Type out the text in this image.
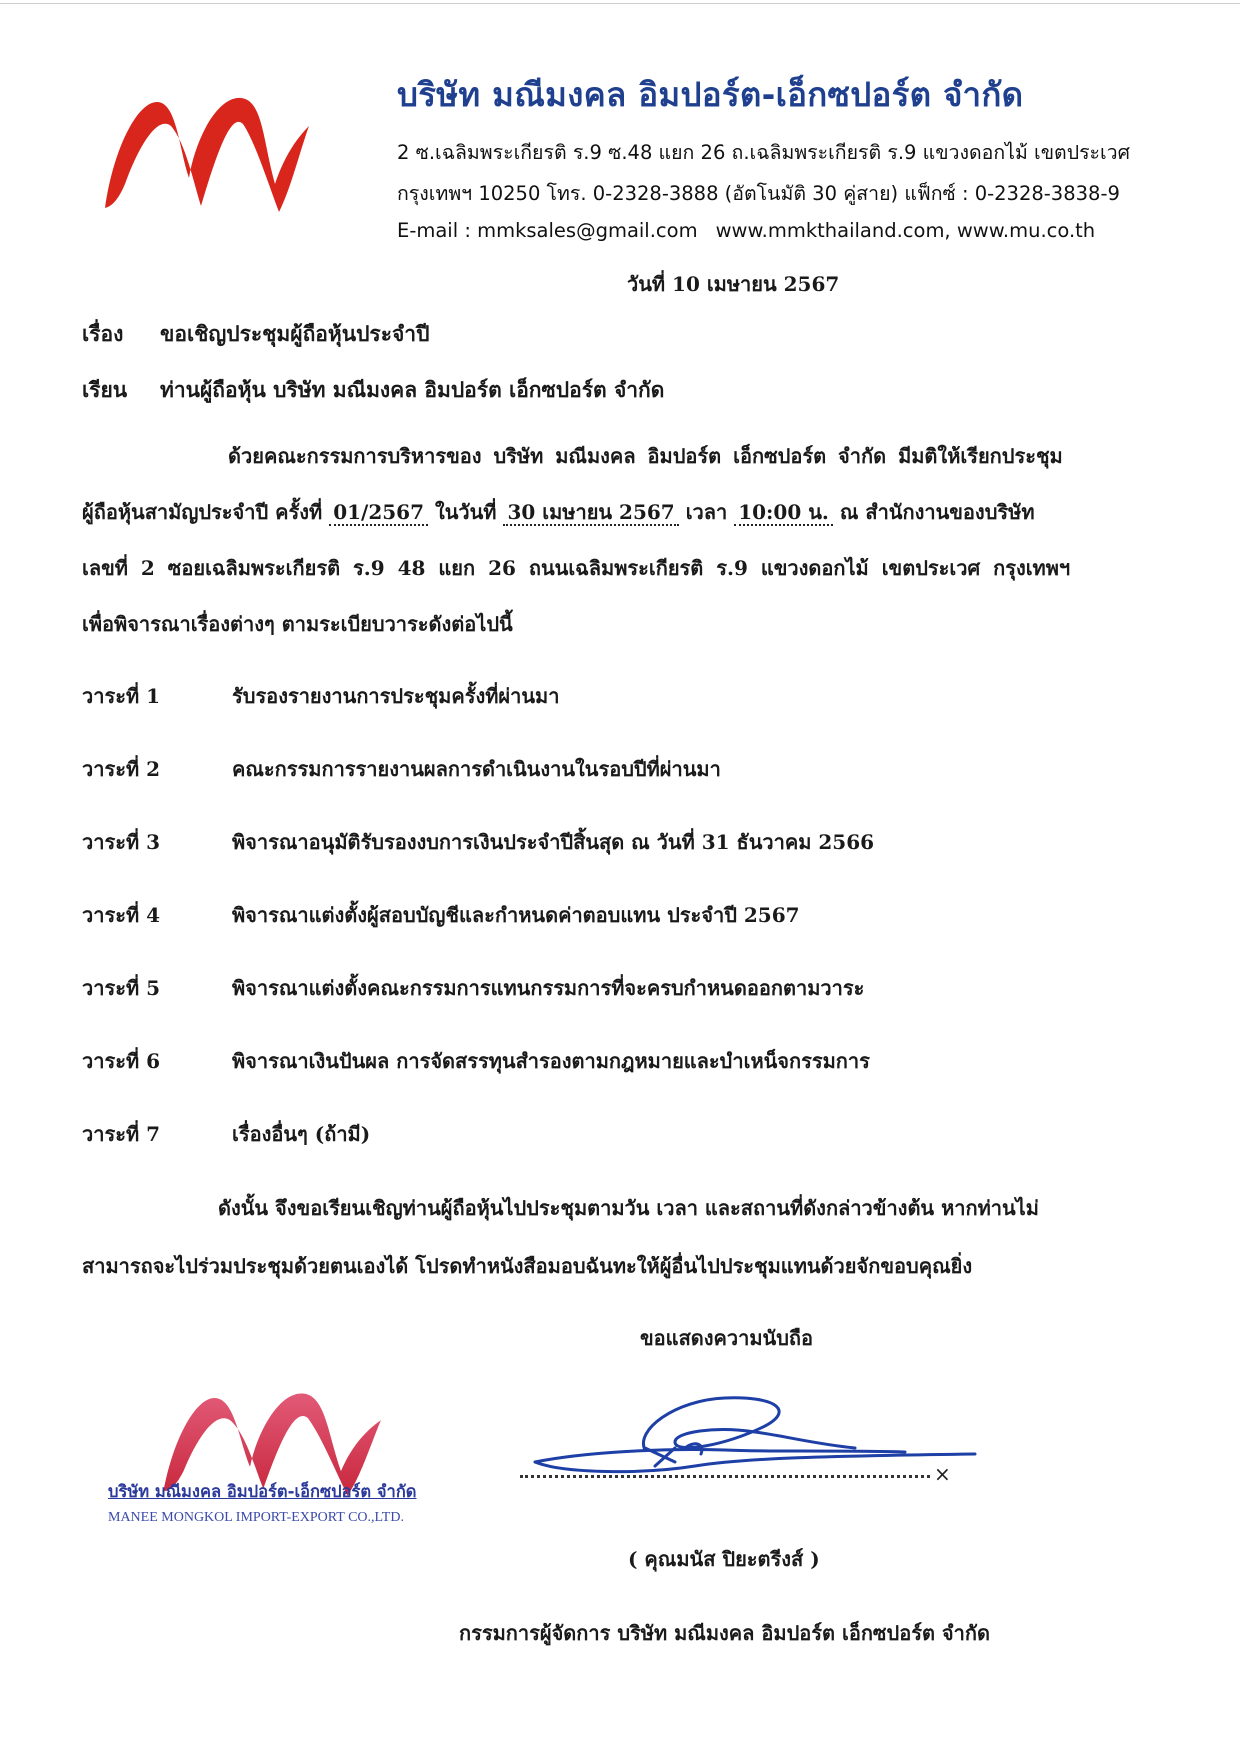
บริษัท มณีมงคล อิมปอร์ต-เอ็กซปอร์ต จำกัด
2 ซ.เฉลิมพระเกียรติ ร.9 ซ.48 แยก 26 ถ.เฉลิมพระเกียรติ ร.9 แขวงดอกไม้ เขตประเวศ
กรุงเทพฯ 10250 โทร. 0-2328-3888 (อัตโนมัติ 30 คู่สาย) แฟ็กซ์ : 0-2328-3838-9
E-mail : mmksales@gmail.com www.mmkthailand.com, www.mu.co.th
วันที่ 10 เมษายน 2567
เรื่อง ขอเชิญประชุมผู้ถือหุ้นประจำปี
เรียน ท่านผู้ถือหุ้น บริษัท มณีมงคล อิมปอร์ต เอ็กซปอร์ต จำกัด
ด้วยคณะกรรมการบริหารของ บริษัท มณีมงคล อิมปอร์ต เอ็กซปอร์ต จำกัด มีมติให้เรียกประชุม
ผู้ถือหุ้นสามัญประจำปี ครั้งที่ 01/2567 ในวันที่ 30 เมษายน 2567 เวลา 10:00 น. ณ สำนักงานของบริษัท
เลขที่ 2 ซอยเฉลิมพระเกียรติ ร.9 48 แยก 26 ถนนเฉลิมพระเกียรติ ร.9 แขวงดอกไม้ เขตประเวศ กรุงเทพฯ
เพื่อพิจารณาเรื่องต่างๆ ตามระเบียบวาระดังต่อไปนี้
วาระที่ 1	รับรองรายงานการประชุมครั้งที่ผ่านมา
วาระที่ 2	คณะกรรมการรายงานผลการดำเนินงานในรอบปีที่ผ่านมา
วาระที่ 3	พิจารณาอนุมัติรับรองงบการเงินประจำปีสิ้นสุด ณ วันที่ 31 ธันวาคม 2566
วาระที่ 4	พิจารณาแต่งตั้งผู้สอบบัญชีและกำหนดค่าตอบแทน ประจำปี 2567
วาระที่ 5	พิจารณาแต่งตั้งคณะกรรมการแทนกรรมการที่จะครบกำหนดออกตามวาระ
วาระที่ 6	พิจารณาเงินปันผล การจัดสรรทุนสำรองตามกฎหมายและบำเหน็จกรรมการ
วาระที่ 7	เรื่องอื่นๆ (ถ้ามี)
ดังนั้น จึงขอเรียนเชิญท่านผู้ถือหุ้นไปประชุมตามวัน เวลา และสถานที่ดังกล่าวข้างต้น หากท่านไม่
สามารถจะไปร่วมประชุมด้วยตนเองได้ โปรดทำหนังสือมอบฉันทะให้ผู้อื่นไปประชุมแทนด้วยจักขอบคุณยิ่ง
ขอแสดงความนับถือ
บริษัท มณีมงคล อิมปอร์ต-เอ็กซปอร์ต จำกัด
MANEE MONGKOL IMPORT-EXPORT CO.,LTD.
×
( คุณมนัส ปิยะตรีงส์ )
กรรมการผู้จัดการ บริษัท มณีมงคล อิมปอร์ต เอ็กซปอร์ต จำกัด
